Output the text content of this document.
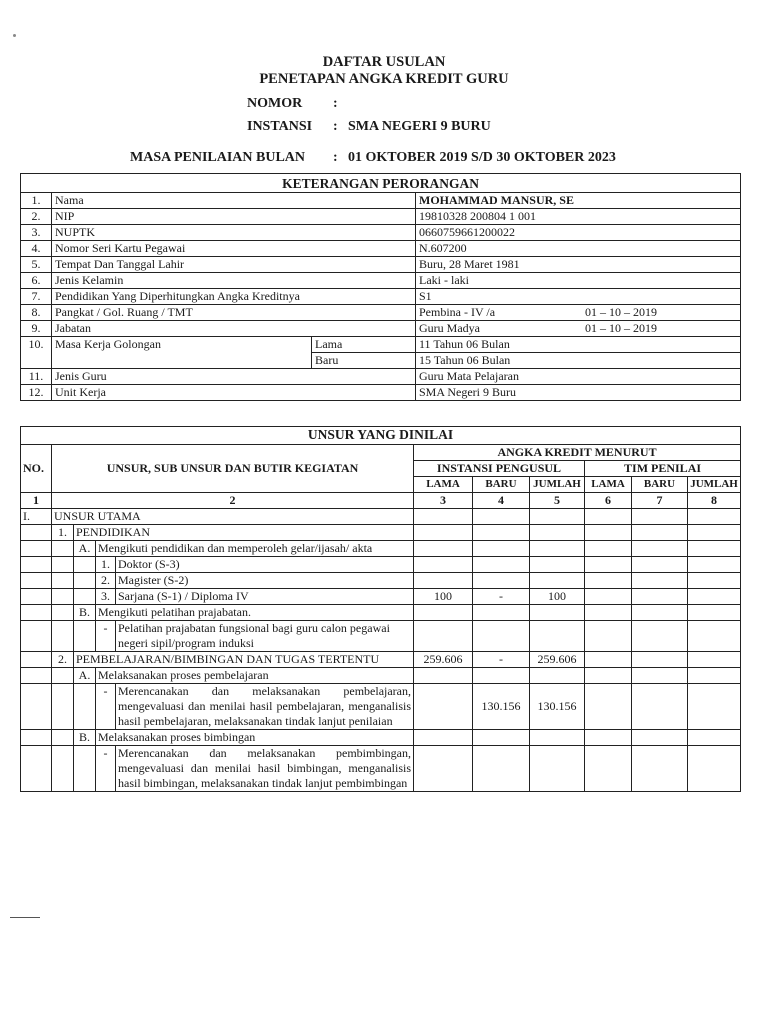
DAFTAR USULAN
PENETAPAN ANGKA KREDIT GURU
NOMOR :
INSTANSI : SMA NEGERI 9 BURU
MASA PENILAIAN BULAN : 01 OKTOBER 2019 S/D 30 OKTOBER 2023
KETERANGAN PERORANGAN			
1.	Nama		MOHAMMAD MANSUR, SE
2.	NIP		19810328 200804 1 001
3.	NUPTK		0660759661200022
4.	Nomor Seri Kartu Pegawai		N.607200
5.	Tempat Dan Tanggal Lahir		Buru, 28 Maret 1981
6.	Jenis Kelamin		Laki - laki
7.	Pendidikan Yang Diperhitungkan Angka Kreditnya		S1
8.	Pangkat / Gol. Ruang / TMT		Pembina - IV /a 01 – 10 – 2019

9.	Jabatan		Guru Madya 01 – 10 – 2019

10.	Masa Kerja Golongan	Lama	11 Tahun 06 Bulan
		Baru	15 Tahun 06 Bulan
11.	Jenis Guru		Guru Mata Pelajaran
12.	Unit Kerja		SMA Negeri 9 Buru
UNSUR YANG DINILAI										
NO.	UNSUR, SUB UNSUR DAN BUTIR KEGIATAN				ANGKA KREDIT MENURUT					
					INSTANSI PENGUSUL			TIM PENILAI		
					LAMA	BARU	JUMLAH	LAMA	BARU	JUMLAH
1	2				3	4	5	6	7	8
I.	UNSUR UTAMA									
	1.	PENDIDIKAN								
		A.	Mengikuti pendidikan dan memperoleh gelar/ijasah/ akta							
			1.	Doktor (S-3)						
			2.	Magister (S-2)						
			3.	Sarjana (S-1) / Diploma IV	100	-	100			
		B.	Mengikuti pelatihan prajabatan.							
			-	Pelatihan prajabatan fungsional bagi guru calon pegawai negeri sipil/program induksi						
	2.	PEMBELAJARAN/BIMBINGAN DAN TUGAS TERTENTU			259.606	-	259.606			
		A.	Melaksanakan proses pembelajaran							
			-	Merencanakan dan melaksanakan pembelajaran, mengevaluasi dan menilai hasil pembelajaran, menganalisis hasil pembelajaran, melaksanakan tindak lanjut penilaian		130.156	130.156			
		B.	Melaksanakan proses bimbingan							
			-	Merencanakan dan melaksanakan pembimbingan, mengevaluasi dan menilai hasil bimbingan, menganalisis hasil bimbingan, melaksanakan tindak lanjut pembimbingan						
